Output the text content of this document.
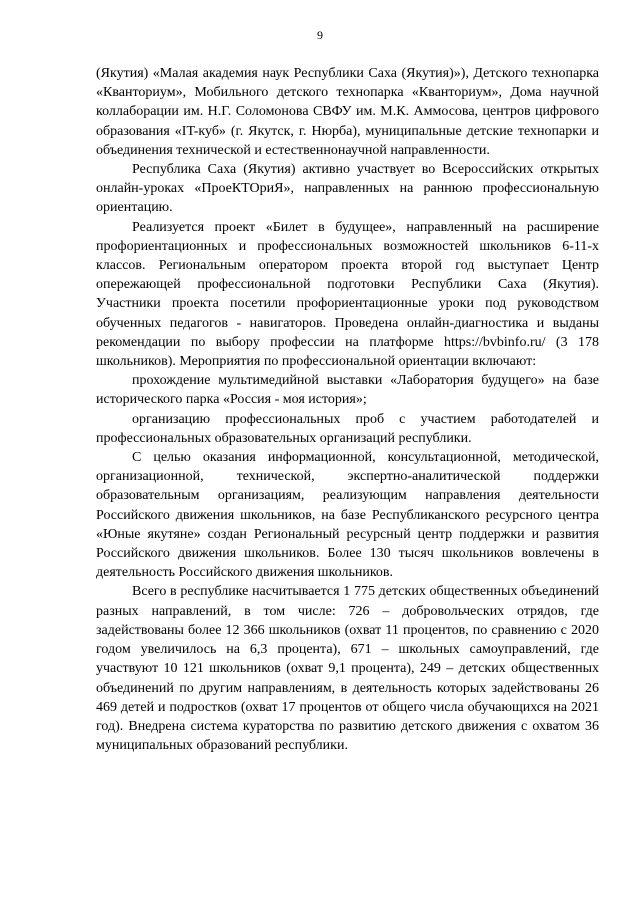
9

(Якутия) «Малая академия наук Республики Саха (Якутия)»), Детского технопарка «Кванториум», Мобильного детского технопарка «Кванториум», Дома научной коллаборации им. Н.Г. Соломонова СВФУ им. М.К. Аммосова, центров цифрового образования «IT-куб» (г. Якутск, г. Нюрба), муниципальные детские технопарки и объединения технической и естественнонаучной направленности.

Республика Саха (Якутия) активно участвует во Всероссийских открытых онлайн-уроках «ПроеКТОриЯ», направленных на раннюю профессиональную ориентацию.

Реализуется проект «Билет в будущее», направленный на расширение профориентационных и профессиональных возможностей школьников 6-11-х классов. Региональным оператором проекта второй год выступает Центр опережающей профессиональной подготовки Республики Саха (Якутия). Участники проекта посетили профориентационные уроки под руководством обученных педагогов - навигаторов. Проведена онлайн-диагностика и выданы рекомендации по выбору профессии на платформе https://bvbinfo.ru/ (3 178 школьников). Мероприятия по профессиональной ориентации включают:

прохождение мультимедийной выставки «Лаборатория будущего» на базе исторического парка «Россия - моя история»;

организацию профессиональных проб с участием работодателей и профессиональных образовательных организаций республики.

С целью оказания информационной, консультационной, методической, организационной, технической, экспертно-аналитической поддержки образовательным организациям, реализующим направления деятельности Российского движения школьников, на базе Республиканского ресурсного центра «Юные якутяне» создан Региональный ресурсный центр поддержки и развития Российского движения школьников. Более 130 тысяч школьников вовлечены в деятельность Российского движения школьников.

Всего в республике насчитывается 1 775 детских общественных объединений разных направлений, в том числе: 726 – добровольческих отрядов, где задействованы более 12 366 школьников (охват 11 процентов, по сравнению с 2020 годом увеличилось на 6,3 процента), 671 – школьных самоуправлений, где участвуют 10 121 школьников (охват 9,1 процента), 249 – детских общественных объединений по другим направлениям, в деятельность которых задействованы 26 469 детей и подростков (охват 17 процентов от общего числа обучающихся на 2021 год). Внедрена система кураторства по развитию детского движения с охватом 36 муниципальных образований республики.
